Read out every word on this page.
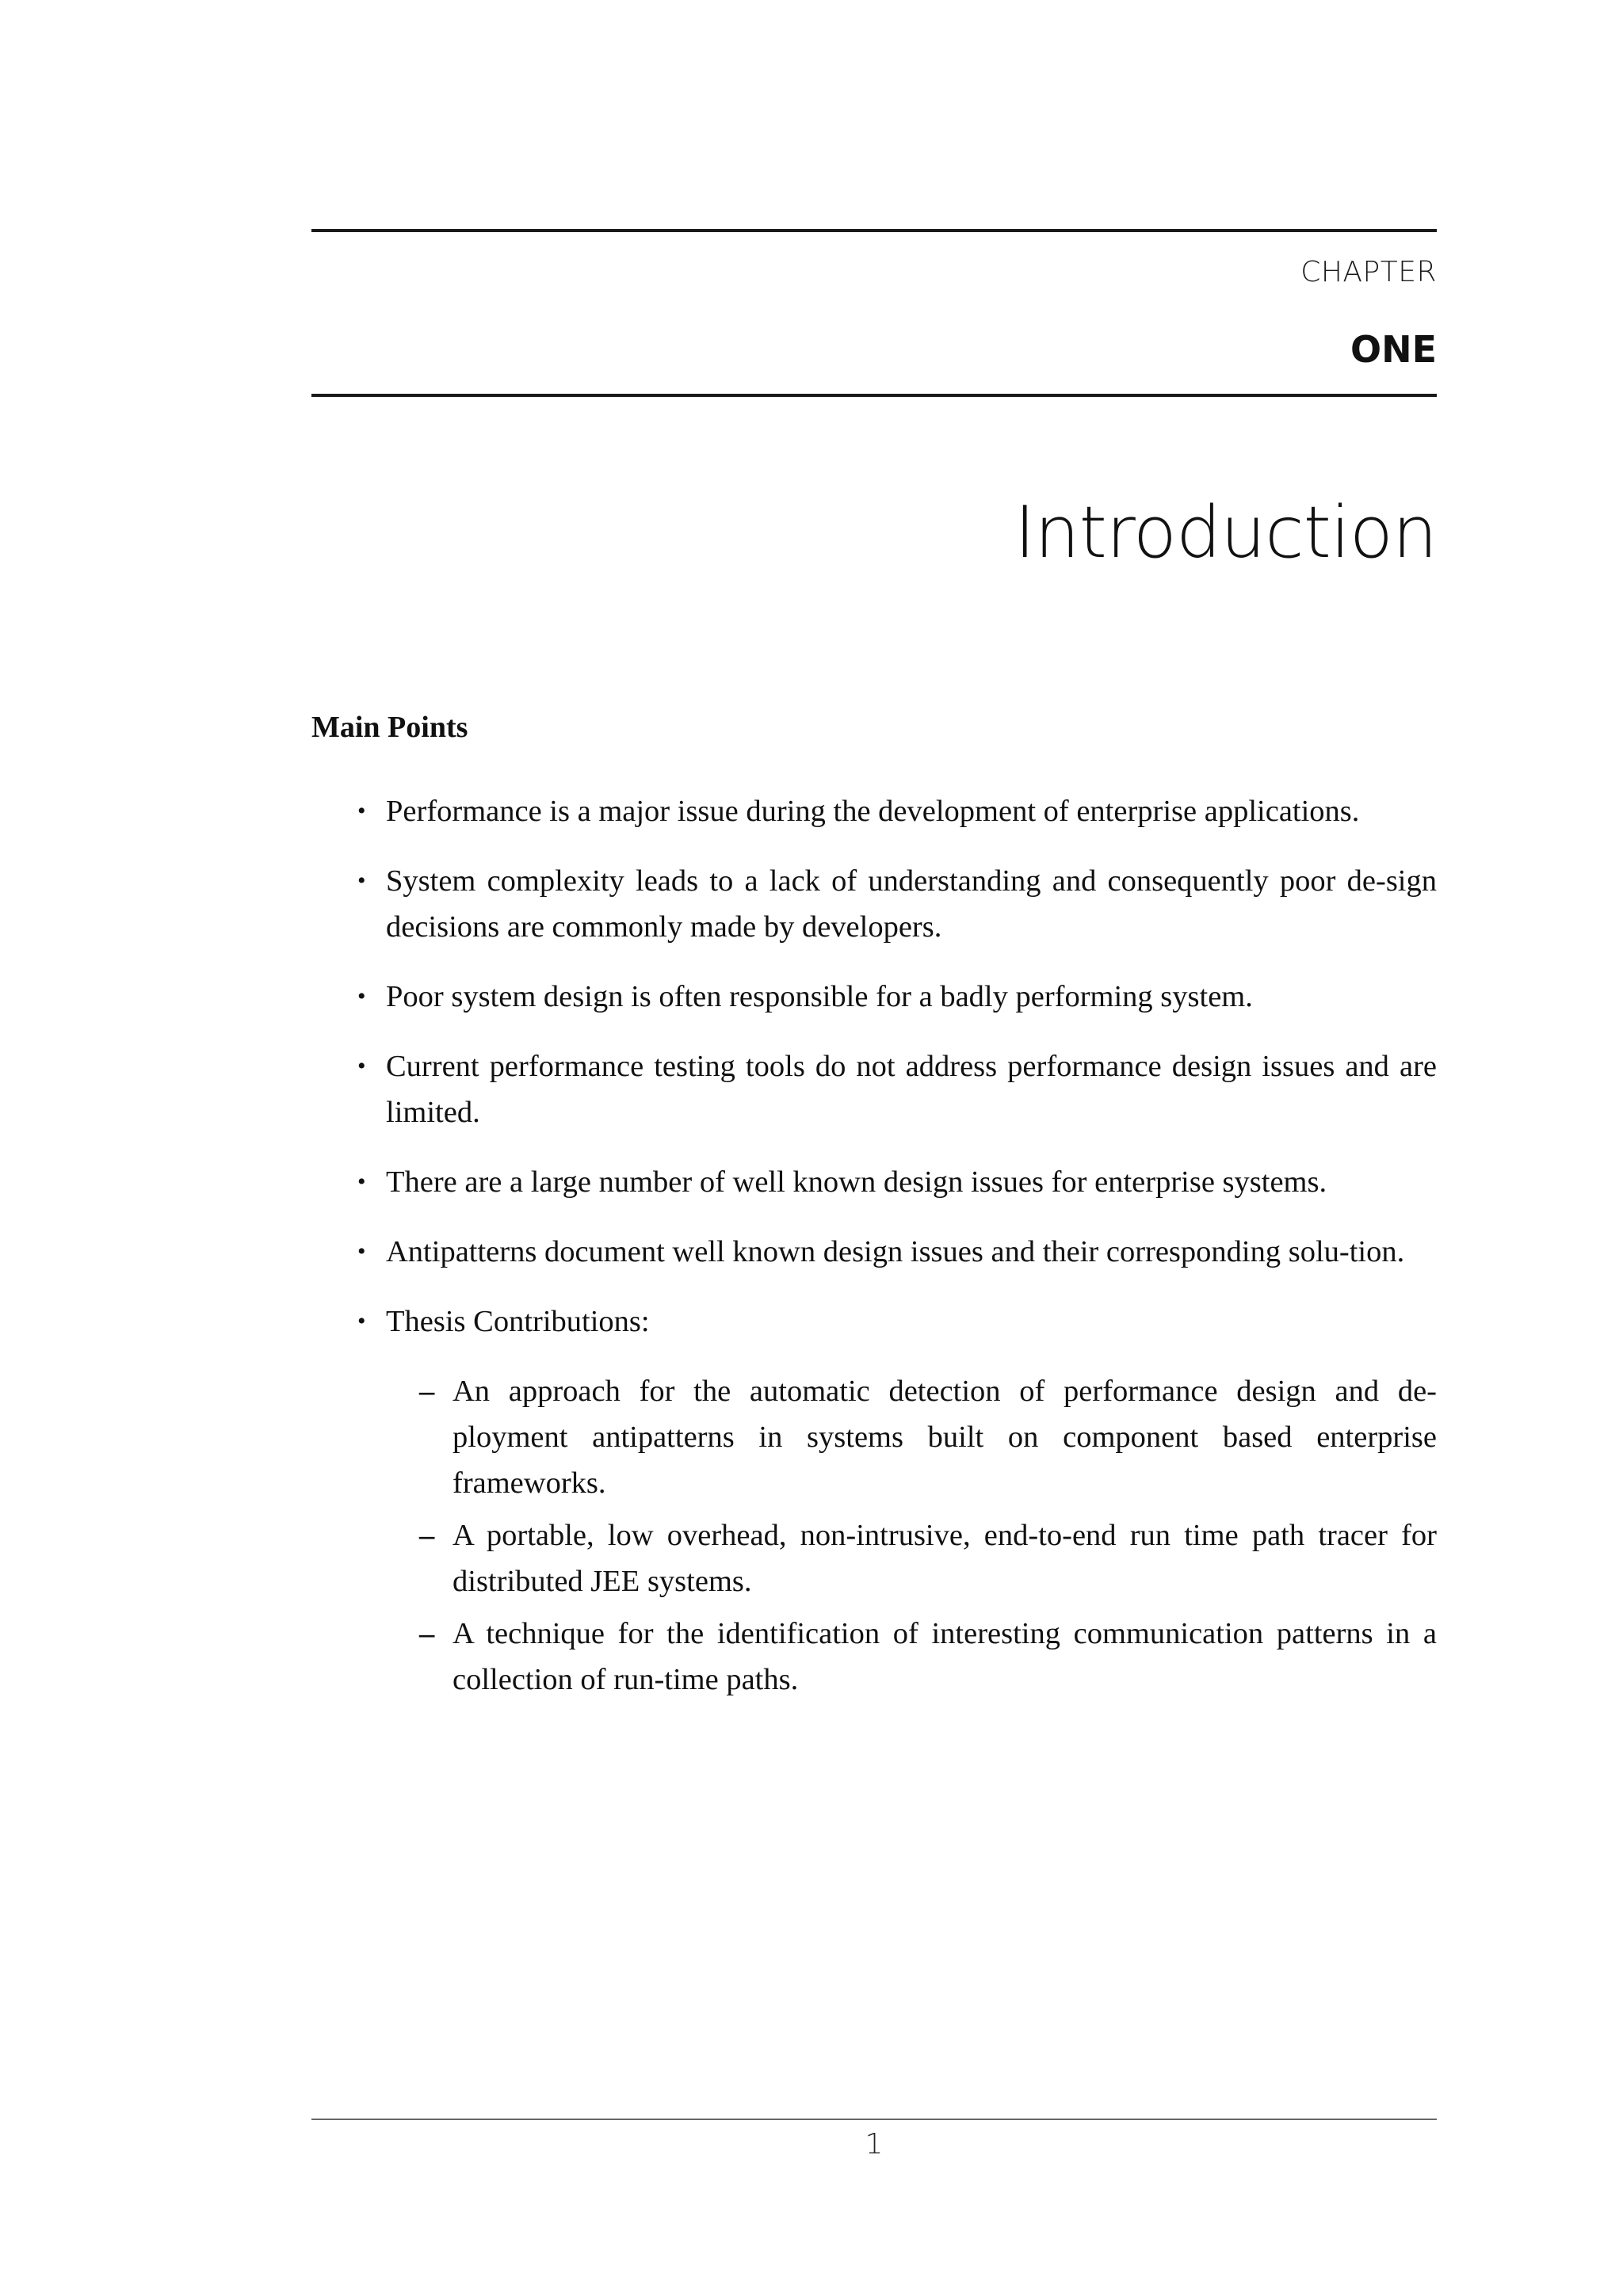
CHAPTER
ONE
Introduction
Main Points
• Performance is a major issue during the development of enterprise applications.
• System complexity leads to a lack of understanding and consequently poor de-sign decisions are commonly made by developers.
• Poor system design is often responsible for a badly performing system.
• Current performance testing tools do not address performance design issues and are limited.
• There are a large number of well known design issues for enterprise systems.
• Antipatterns document well known design issues and their corresponding solu-tion.
• Thesis Contributions:
– An approach for the automatic detection of performance design and de-ployment antipatterns in systems built on component based enterprise frameworks.
– A portable, low overhead, non-intrusive, end-to-end run time path tracer for distributed JEE systems.
– A technique for the identification of interesting communication patterns in a collection of run-time paths.
1
